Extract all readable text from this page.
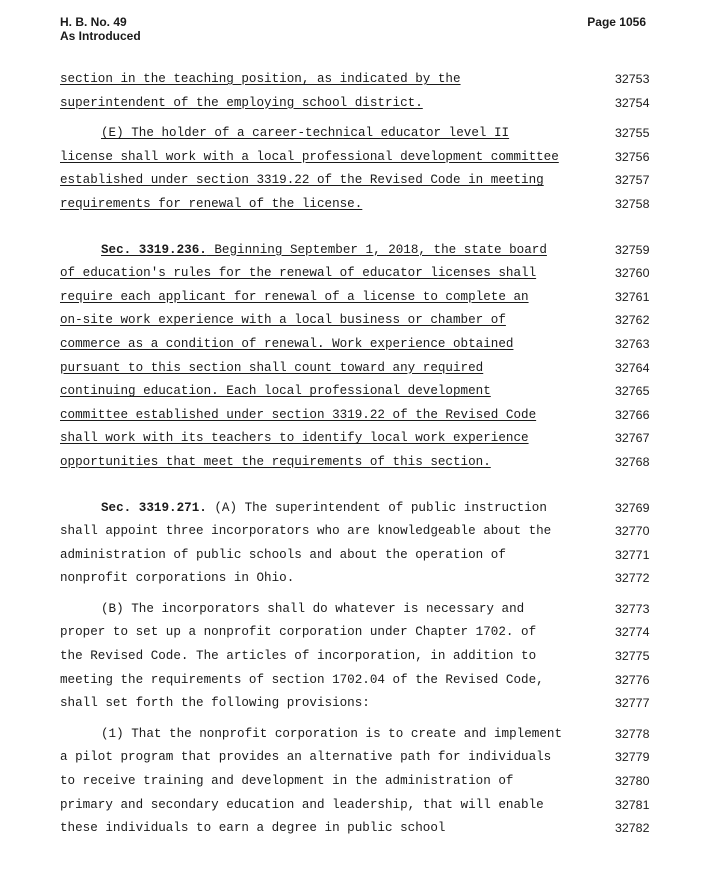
H. B. No. 49
As Introduced
Page 1056
section in the teaching position, as indicated by the	32753
superintendent of the employing school district.	32754
(E) The holder of a career-technical educator level II	32755
license shall work with a local professional development committee	32756
established under section 3319.22 of the Revised Code in meeting	32757
requirements for renewal of the license.	32758
Sec. 3319.236. Beginning September 1, 2018, the state board	32759
of education's rules for the renewal of educator licenses shall	32760
require each applicant for renewal of a license to complete an	32761
on-site work experience with a local business or chamber of	32762
commerce as a condition of renewal. Work experience obtained	32763
pursuant to this section shall count toward any required	32764
continuing education. Each local professional development	32765
committee established under section 3319.22 of the Revised Code	32766
shall work with its teachers to identify local work experience	32767
opportunities that meet the requirements of this section.	32768
Sec. 3319.271. (A) The superintendent of public instruction	32769
shall appoint three incorporators who are knowledgeable about the	32770
administration of public schools and about the operation of	32771
nonprofit corporations in Ohio.	32772
(B) The incorporators shall do whatever is necessary and	32773
proper to set up a nonprofit corporation under Chapter 1702. of	32774
the Revised Code. The articles of incorporation, in addition to	32775
meeting the requirements of section 1702.04 of the Revised Code,	32776
shall set forth the following provisions:	32777
(1) That the nonprofit corporation is to create and implement	32778
a pilot program that provides an alternative path for individuals	32779
to receive training and development in the administration of	32780
primary and secondary education and leadership, that will enable	32781
these individuals to earn a degree in public school	32782
